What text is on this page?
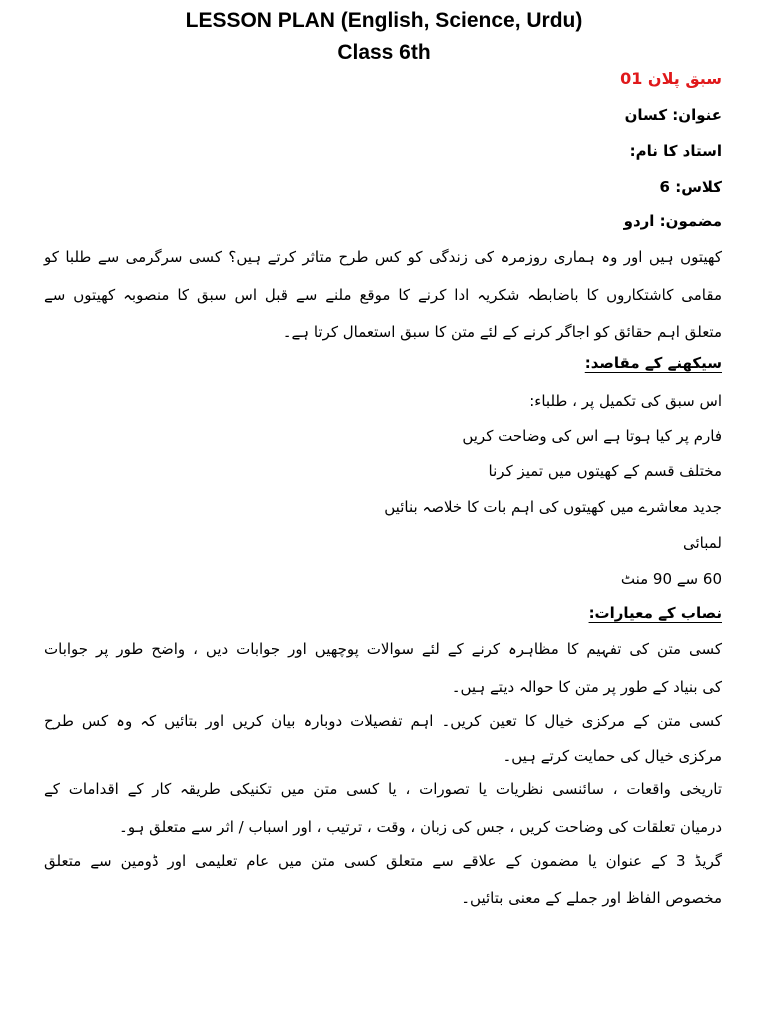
LESSON PLAN (English, Science, Urdu)
Class 6th
سبق پلان 01
عنوان: کسان
استاد کا نام:
کلاس: 6
مضمون: اردو
کھیتوں ہیں اور وہ ہماری روزمرہ کی زندگی کو کس طرح متاثر کرتے ہیں؟ کسی سرگرمی سے طلبا کو
مقامی کاشتکاروں کا باضابطہ شکریہ ادا کرنے کا موقع ملنے سے قبل اس سبق کا منصوبہ کھیتوں سے
متعلق اہم حقائق کو اجاگر کرنے کے لئے متن کا سبق استعمال کرتا ہے۔
سیکھنے کے مقاصد:
اس سبق کی تکمیل پر ، طلباء:
فارم پر کیا ہوتا ہے اس کی وضاحت کریں
مختلف قسم کے کھیتوں میں تمیز کرنا
جدید معاشرے میں کھیتوں کی اہم بات کا خلاصہ بنائیں
لمبائی
60 سے 90 منٹ
نصاب کے معیارات:
کسی متن کی تفہیم کا مظاہرہ کرنے کے لئے سوالات پوچھیں اور جوابات دیں ، واضح طور پر جوابات
کی بنیاد کے طور پر متن کا حوالہ دیتے ہیں۔
کسی متن کے مرکزی خیال کا تعین کریں۔ اہم تفصیلات دوبارہ بیان کریں اور بتائیں کہ وہ کس طرح
مرکزی خیال کی حمایت کرتے ہیں۔
تاریخی واقعات ، سائنسی نظریات یا تصورات ، یا کسی متن میں تکنیکی طریقہ کار کے اقدامات کے
درمیان تعلقات کی وضاحت کریں ، جس کی زبان ، وقت ، ترتیب ، اور اسباب / اثر سے متعلق ہو۔
گریڈ 3 کے عنوان یا مضمون کے علاقے سے متعلق کسی متن میں عام تعلیمی اور ڈومین سے متعلق
مخصوص الفاظ اور جملے کے معنی بتائیں۔
